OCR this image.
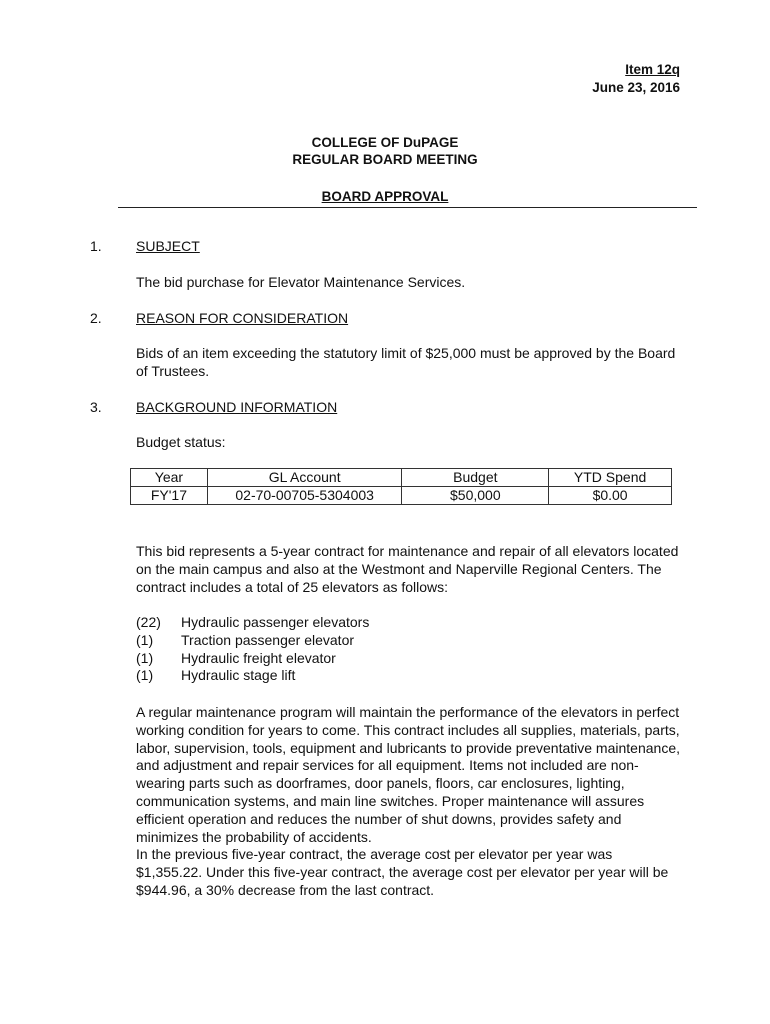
Item 12q
June 23, 2016
COLLEGE OF DuPAGE
REGULAR BOARD MEETING
BOARD APPROVAL
1. SUBJECT
The bid purchase for Elevator Maintenance Services.
2. REASON FOR CONSIDERATION
Bids of an item exceeding the statutory limit of $25,000 must be approved by the Board of Trustees.
3. BACKGROUND INFORMATION
Budget status:
Year	GL Account	Budget	YTD Spend
FY'17	02-70-00705-5304003	$50,000	$0.00
This bid represents a 5-year contract for maintenance and repair of all elevators located on the main campus and also at the Westmont and Naperville Regional Centers. The contract includes a total of 25 elevators as follows:
(22)	Hydraulic passenger elevators
(1)	Traction passenger elevator
(1)	Hydraulic freight elevator
(1)	Hydraulic stage lift
A regular maintenance program will maintain the performance of the elevators in perfect working condition for years to come. This contract includes all supplies, materials, parts, labor, supervision, tools, equipment and lubricants to provide preventative maintenance, and adjustment and repair services for all equipment. Items not included are non-wearing parts such as doorframes, door panels, floors, car enclosures, lighting, communication systems, and main line switches. Proper maintenance will assures efficient operation and reduces the number of shut downs, provides safety and minimizes the probability of accidents.
In the previous five-year contract, the average cost per elevator per year was $1,355.22. Under this five-year contract, the average cost per elevator per year will be $944.96, a 30% decrease from the last contract.
